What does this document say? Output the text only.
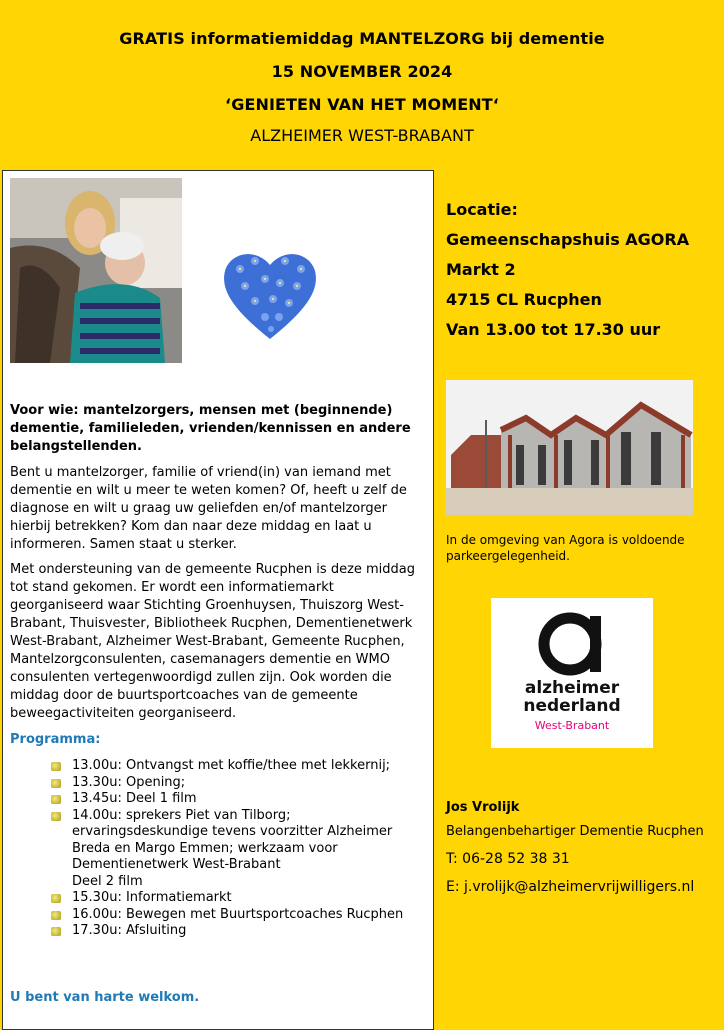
GRATIS informatiemiddag MANTELZORG bij dementie
15 NOVEMBER 2024
‘GENIETEN VAN HET MOMENT‘
ALZHEIMER WEST-BRABANT
Voor wie: mantelzorgers, mensen met (beginnende)
dementie, familieleden, vrienden/kennissen en andere
belangstellenden.
Bent u mantelzorger, familie of vriend(in) van iemand met
dementie en wilt u meer te weten komen? Of, heeft u zelf de
diagnose en wilt u graag uw geliefden en/of mantelzorger
hierbij betrekken? Kom dan naar deze middag en laat u
informeren. Samen staat u sterker.
Met ondersteuning van de gemeente Rucphen is deze middag
tot stand gekomen. Er wordt een informatiemarkt
georganiseerd waar Stichting Groenhuysen, Thuiszorg West-
Brabant, Thuisvester, Bibliotheek Rucphen, Dementienetwerk
West-Brabant, Alzheimer West-Brabant, Gemeente Rucphen,
Mantelzorgconsulenten, casemanagers dementie en WMO
consulenten vertegenwoordigd zullen zijn. Ook worden die
middag door de buurtsportcoaches van de gemeente
beweegactiviteiten georganiseerd.
Programma:
13.00u: Ontvangst met koffie/thee met lekkernij;
13.30u: Opening;
13.45u: Deel 1 film
14.00u: sprekers Piet van Tilborg;
ervaringsdeskundige tevens voorzitter Alzheimer
Breda en Margo Emmen; werkzaam voor
Dementienetwerk West-Brabant
Deel 2 film
15.30u: Informatiemarkt
16.00u: Bewegen met Buurtsportcoaches Rucphen
17.30u: Afsluiting
U bent van harte welkom.
Locatie:
Gemeenschapshuis AGORA
Markt 2
4715 CL Rucphen
Van 13.00 tot 17.30 uur
In de omgeving van Agora is voldoende
parkeergelegenheid.
alzheimer
nederland
West-Brabant
Jos Vrolijk
Belangenbehartiger Dementie Rucphen
T: 06-28 52 38 31
E: j.vrolijk@alzheimervrijwilligers.nl
